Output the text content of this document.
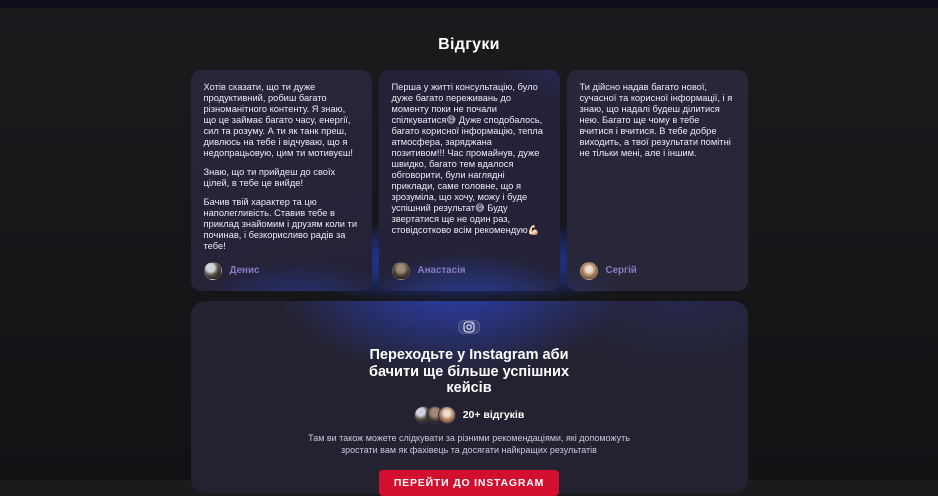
Відгуки

Хотів сказати, що ти дуже продуктивний, робиш багато різноманітного контенту. Я знаю, що це займає багато часу, енергії, сил та розуму. А ти як танк преш, дивлюсь на тебе і відчуваю, що я недопрацьовую, цим ти мотивуєш!

Знаю, що ти прийдеш до своїх цілей, в тебе це вийде!

Бачив твій характер та цю наполегливість. Ставив тебе в приклад знайомим і друзям коли ти починав, і безкорисливо радів за тебе!

Денис

Перша у житті консультацію, було дуже багато переживань до моменту поки не почали спілкуватися😅 Дуже сподобалось, багато корисної інформацію, тепла атмосфера, заряджана позитивом!!! Час промайнув, дуже швидко, багато тем вдалося обговорити, були наглядні приклади, саме головне, що я зрозуміла, що хочу, можу і буде успішний результат😅 Буду звертатися ще не один раз, стовідсотково всім рекомендую💪🏻

Анастасія

Ти дійсно надав багато нової, сучасної та корисної інформації, і я знаю, що надалі будеш ділитися нею. Багато ще чому в тебе вчитися і вчитися. В тебе добре виходить, а твої результати помітні не тільки мені, але і іншим.

Сергій
Переходьте у Instagram аби бачити ще більше успішних кейсів
20+ відгуків

Там ви також можете слідкувати за різними рекомендаціями, які допоможуть зростати вам як фахівець та досягати найкращих результатів

ПЕРЕЙТИ ДО INSTAGRAM
